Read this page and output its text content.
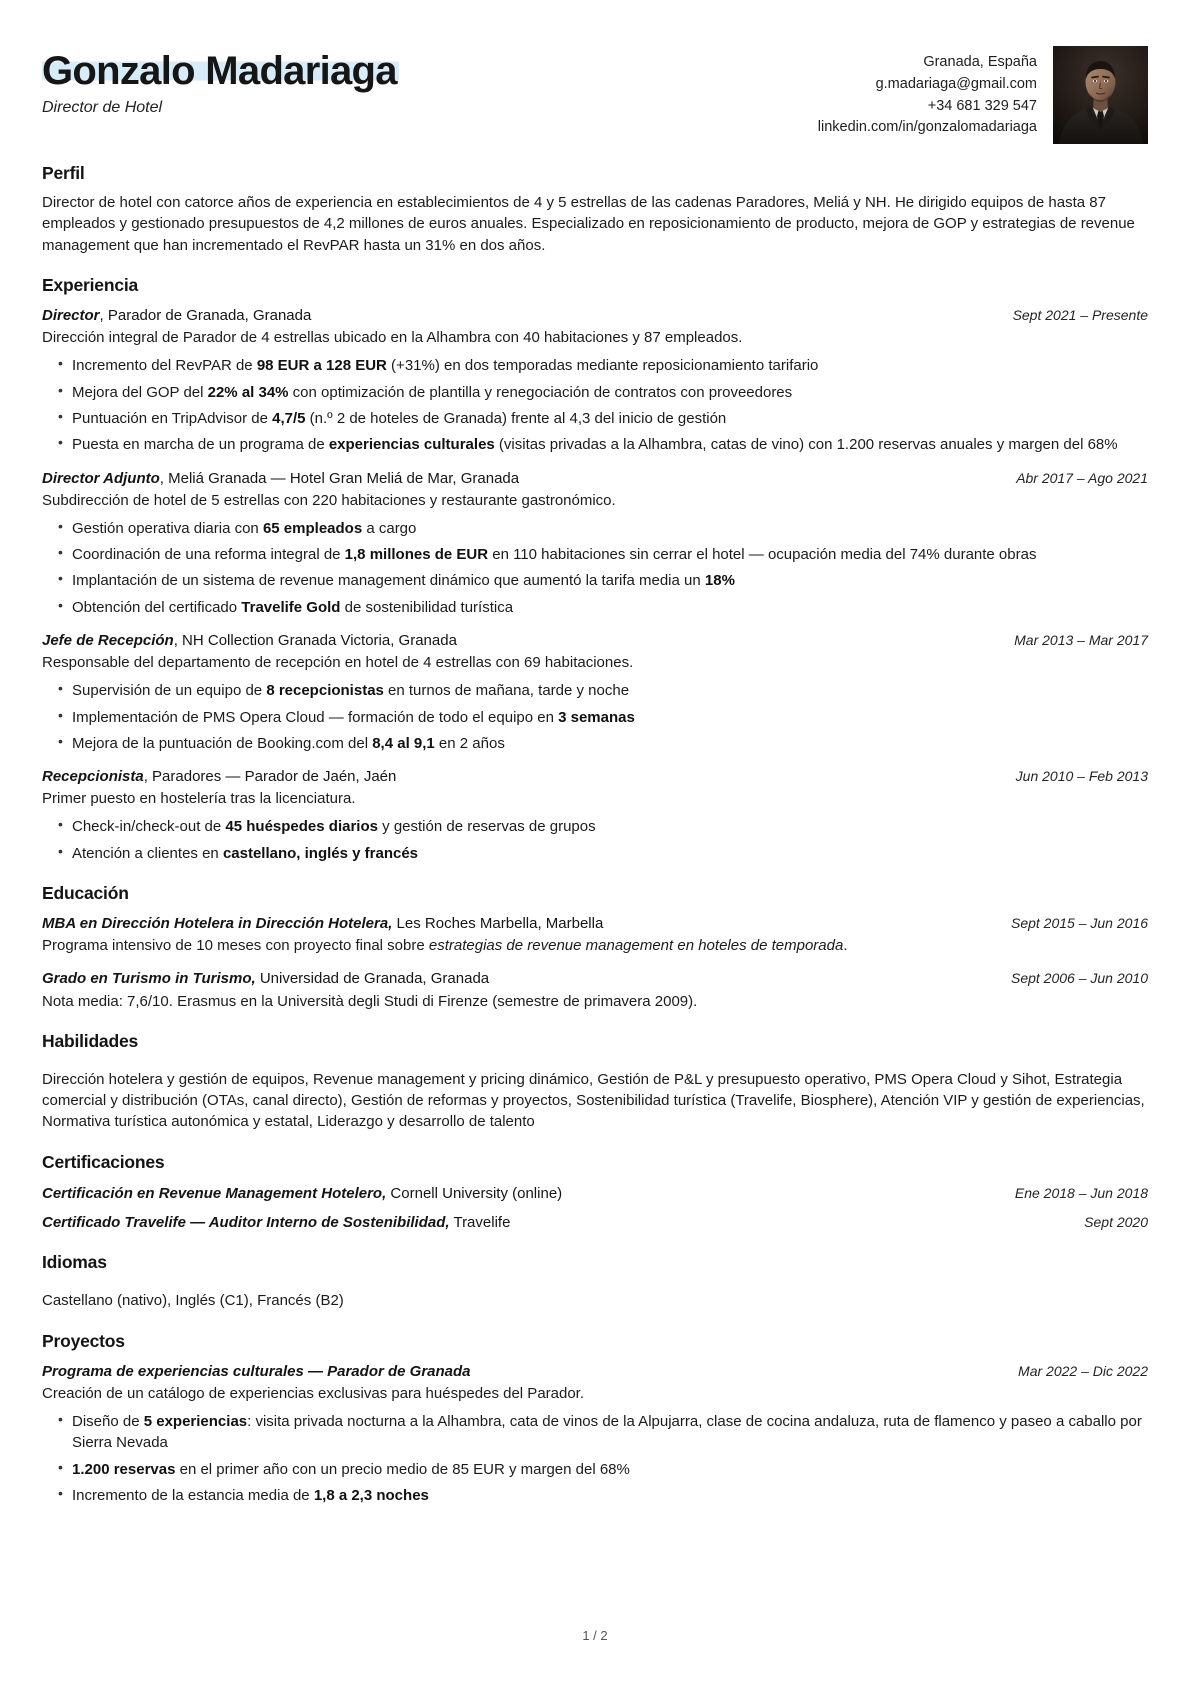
Gonzalo Madariaga
Director de Hotel
Granada, España
g.madariaga@gmail.com
+34 681 329 547
linkedin.com/in/gonzalomadariaga
Perfil
Director de hotel con catorce años de experiencia en establecimientos de 4 y 5 estrellas de las cadenas Paradores, Meliá y NH. He dirigido equipos de hasta 87 empleados y gestionado presupuestos de 4,2 millones de euros anuales. Especializado en reposicionamiento de producto, mejora de GOP y estrategias de revenue management que han incrementado el RevPAR hasta un 31% en dos años.
Experiencia
Director, Parador de Granada, Granada	Sept 2021 – Presente
Dirección integral de Parador de 4 estrellas ubicado en la Alhambra con 40 habitaciones y 87 empleados.
• Incremento del RevPAR de 98 EUR a 128 EUR (+31%) en dos temporadas mediante reposicionamiento tarifario
• Mejora del GOP del 22% al 34% con optimización de plantilla y renegociación de contratos con proveedores
• Puntuación en TripAdvisor de 4,7/5 (n.º 2 de hoteles de Granada) frente al 4,3 del inicio de gestión
• Puesta en marcha de un programa de experiencias culturales (visitas privadas a la Alhambra, catas de vino) con 1.200 reservas anuales y margen del 68%
Director Adjunto, Meliá Granada — Hotel Gran Meliá de Mar, Granada	Abr 2017 – Ago 2021
Subdirección de hotel de 5 estrellas con 220 habitaciones y restaurante gastronómico.
• Gestión operativa diaria con 65 empleados a cargo
• Coordinación de una reforma integral de 1,8 millones de EUR en 110 habitaciones sin cerrar el hotel — ocupación media del 74% durante obras
• Implantación de un sistema de revenue management dinámico que aumentó la tarifa media un 18%
• Obtención del certificado Travelife Gold de sostenibilidad turística
Jefe de Recepción, NH Collection Granada Victoria, Granada	Mar 2013 – Mar 2017
Responsable del departamento de recepción en hotel de 4 estrellas con 69 habitaciones.
• Supervisión de un equipo de 8 recepcionistas en turnos de mañana, tarde y noche
• Implementación de PMS Opera Cloud — formación de todo el equipo en 3 semanas
• Mejora de la puntuación de Booking.com del 8,4 al 9,1 en 2 años
Recepcionista, Paradores — Parador de Jaén, Jaén	Jun 2010 – Feb 2013
Primer puesto en hostelería tras la licenciatura.
• Check-in/check-out de 45 huéspedes diarios y gestión de reservas de grupos
• Atención a clientes en castellano, inglés y francés
Educación
MBA en Dirección Hotelera in Dirección Hotelera, Les Roches Marbella, Marbella	Sept 2015 – Jun 2016
Programa intensivo de 10 meses con proyecto final sobre estrategias de revenue management en hoteles de temporada.
Grado en Turismo in Turismo, Universidad de Granada, Granada	Sept 2006 – Jun 2010
Nota media: 7,6/10. Erasmus en la Università degli Studi di Firenze (semestre de primavera 2009).
Habilidades
Dirección hotelera y gestión de equipos, Revenue management y pricing dinámico, Gestión de P&L y presupuesto operativo, PMS Opera Cloud y Sihot, Estrategia comercial y distribución (OTAs, canal directo), Gestión de reformas y proyectos, Sostenibilidad turística (Travelife, Biosphere), Atención VIP y gestión de experiencias, Normativa turística autonómica y estatal, Liderazgo y desarrollo de talento
Certificaciones
Certificación en Revenue Management Hotelero, Cornell University (online)	Ene 2018 – Jun 2018
Certificado Travelife — Auditor Interno de Sostenibilidad, Travelife	Sept 2020
Idiomas
Castellano (nativo), Inglés (C1), Francés (B2)
Proyectos
Programa de experiencias culturales — Parador de Granada	Mar 2022 – Dic 2022
Creación de un catálogo de experiencias exclusivas para huéspedes del Parador.
• Diseño de 5 experiencias: visita privada nocturna a la Alhambra, cata de vinos de la Alpujarra, clase de cocina andaluza, ruta de flamenco y paseo a caballo por Sierra Nevada
• 1.200 reservas en el primer año con un precio medio de 85 EUR y margen del 68%
• Incremento de la estancia media de 1,8 a 2,3 noches
1 / 2
